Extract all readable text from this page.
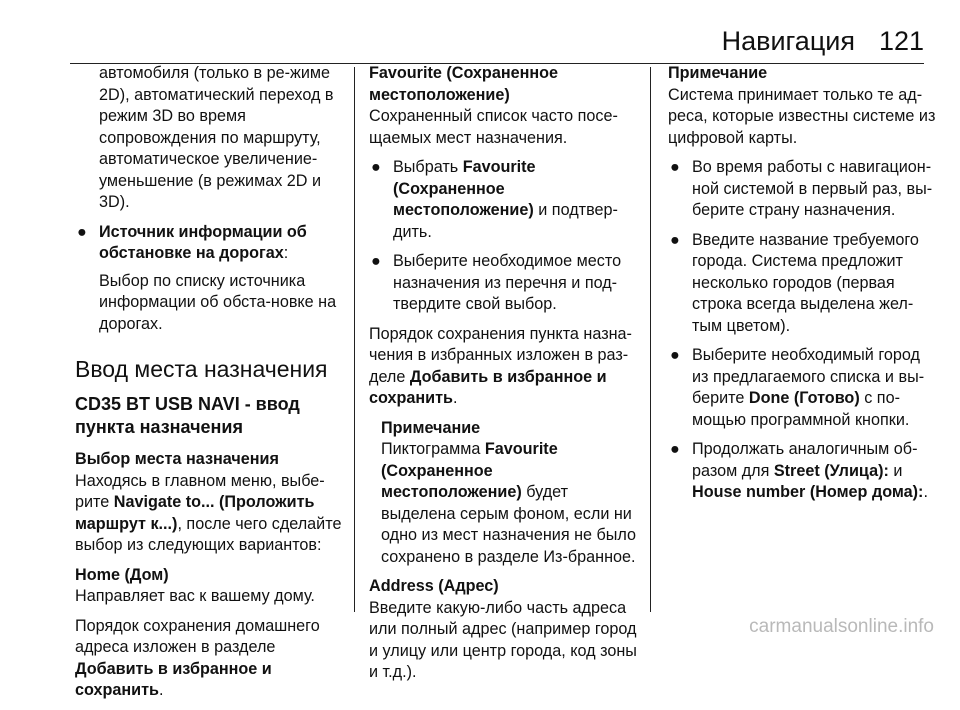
Навигация 121

автомобиля (только в ре-жиме 2D), автоматический переход в режим 3D во время сопровождения по маршруту, автоматическое увеличение-уменьшение (в режимах 2D и 3D).

● Источник информации об обстановке на дорогах:
Выбор по списку источника информации об обста-новке на дорогах.
Ввод места назначения
CD35 BT USB NAVI - ввод пункта назначения
Выбор места назначения

Находясь в главном меню, выбе-рите Navigate to... (Проложить маршрут к...), после чего сделайте выбор из следующих вариантов:

Home (Дом)

Направляет вас к вашему дому.

Порядок сохранения домашнего адреса изложен в разделе
Добавить в избранное и сохранить.

Favourite (Сохраненное местоположение)

Сохраненный список часто посе-щаемых мест назначения.

● Выбрать Favourite (Сохраненное местоположение) и подтвер-дить.
● Выберите необходимое место назначения из перечня и под-твердите свой выбор.

Порядок сохранения пункта назна-чения в избранных изложен в раз-деле Добавить в избранное и сохранить.

Примечание

Пиктограмма Favourite (Сохраненное местоположение) будет выделена серым фоном, если ни одно из мест назначения не было сохранено в разделе Из-бранное.

Address (Адрес)

Введите какую-либо часть адреса или полный адрес (например город и улицу или центр города, код зоны и т.д.).

Примечание

Система принимает только те ад-реса, которые известны системе из цифровой карты.

● Во время работы с навигацион-ной системой в первый раз, вы-берите страну назначения.
● Введите название требуемого города. Система предложит несколько городов (первая строка всегда выделена жел-тым цветом).
● Выберите необходимый город из предлагаемого списка и вы-берите Done (Готово) с по-мощью программной кнопки.
● Продолжать аналогичным об-разом для Street (Улица): и
House number (Номер дома):.
carmanualsonline.info
